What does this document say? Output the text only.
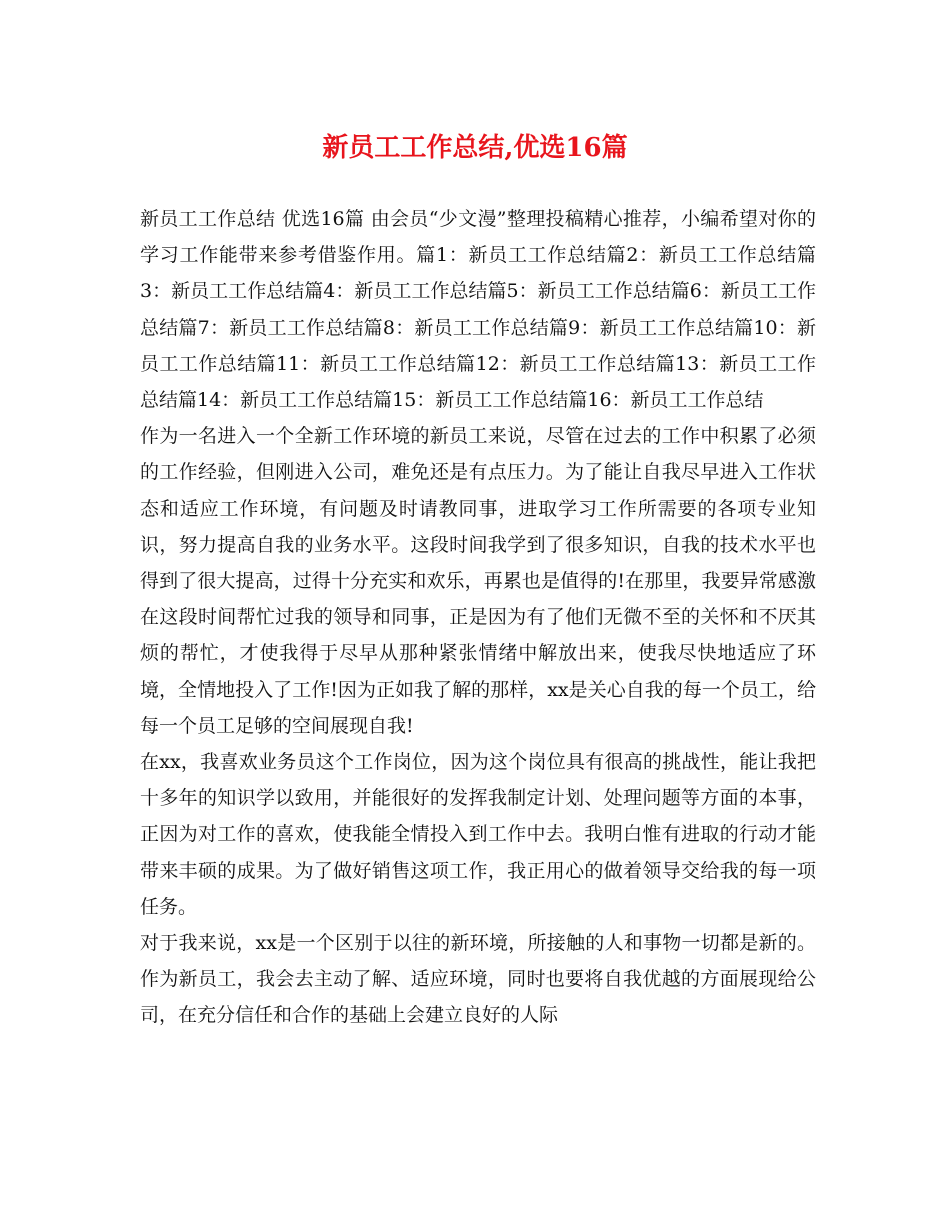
新员工工作总结,优选16篇

新员工工作总结 优选16篇 由会员“少文漫”整理投稿精心推荐，小编希望对你的学习工作能带来参考借鉴作用。篇1：新员工工作总结篇2：新员工工作总结篇3：新员工工作总结篇4：新员工工作总结篇5：新员工工作总结篇6：新员工工作总结篇7：新员工工作总结篇8：新员工工作总结篇9：新员工工作总结篇10：新员工工作总结篇11：新员工工作总结篇12：新员工工作总结篇13：新员工工作总结篇14：新员工工作总结篇15：新员工工作总结篇16：新员工工作总结

作为一名进入一个全新工作环境的新员工来说，尽管在过去的工作中积累了必须的工作经验，但刚进入公司，难免还是有点压力。为了能让自我尽早进入工作状态和适应工作环境，有问题及时请教同事，进取学习工作所需要的各项专业知识，努力提高自我的业务水平。这段时间我学到了很多知识，自我的技术水平也得到了很大提高，过得十分充实和欢乐，再累也是值得的!在那里，我要异常感激在这段时间帮忙过我的领导和同事，正是因为有了他们无微不至的关怀和不厌其烦的帮忙，才使我得于尽早从那种紧张情绪中解放出来，使我尽快地适应了环境，全情地投入了工作!因为正如我了解的那样，xx是关心自我的每一个员工，给每一个员工足够的空间展现自我!

在xx，我喜欢业务员这个工作岗位，因为这个岗位具有很高的挑战性，能让我把十多年的知识学以致用，并能很好的发挥我制定计划、处理问题等方面的本事，正因为对工作的喜欢，使我能全情投入到工作中去。我明白惟有进取的行动才能带来丰硕的成果。为了做好销售这项工作，我正用心的做着领导交给我的每一项任务。

对于我来说，xx是一个区别于以往的新环境，所接触的人和事物一切都是新的。作为新员工，我会去主动了解、适应环境，同时也要将自我优越的方面展现给公司，在充分信任和合作的基础上会建立良好的人际
